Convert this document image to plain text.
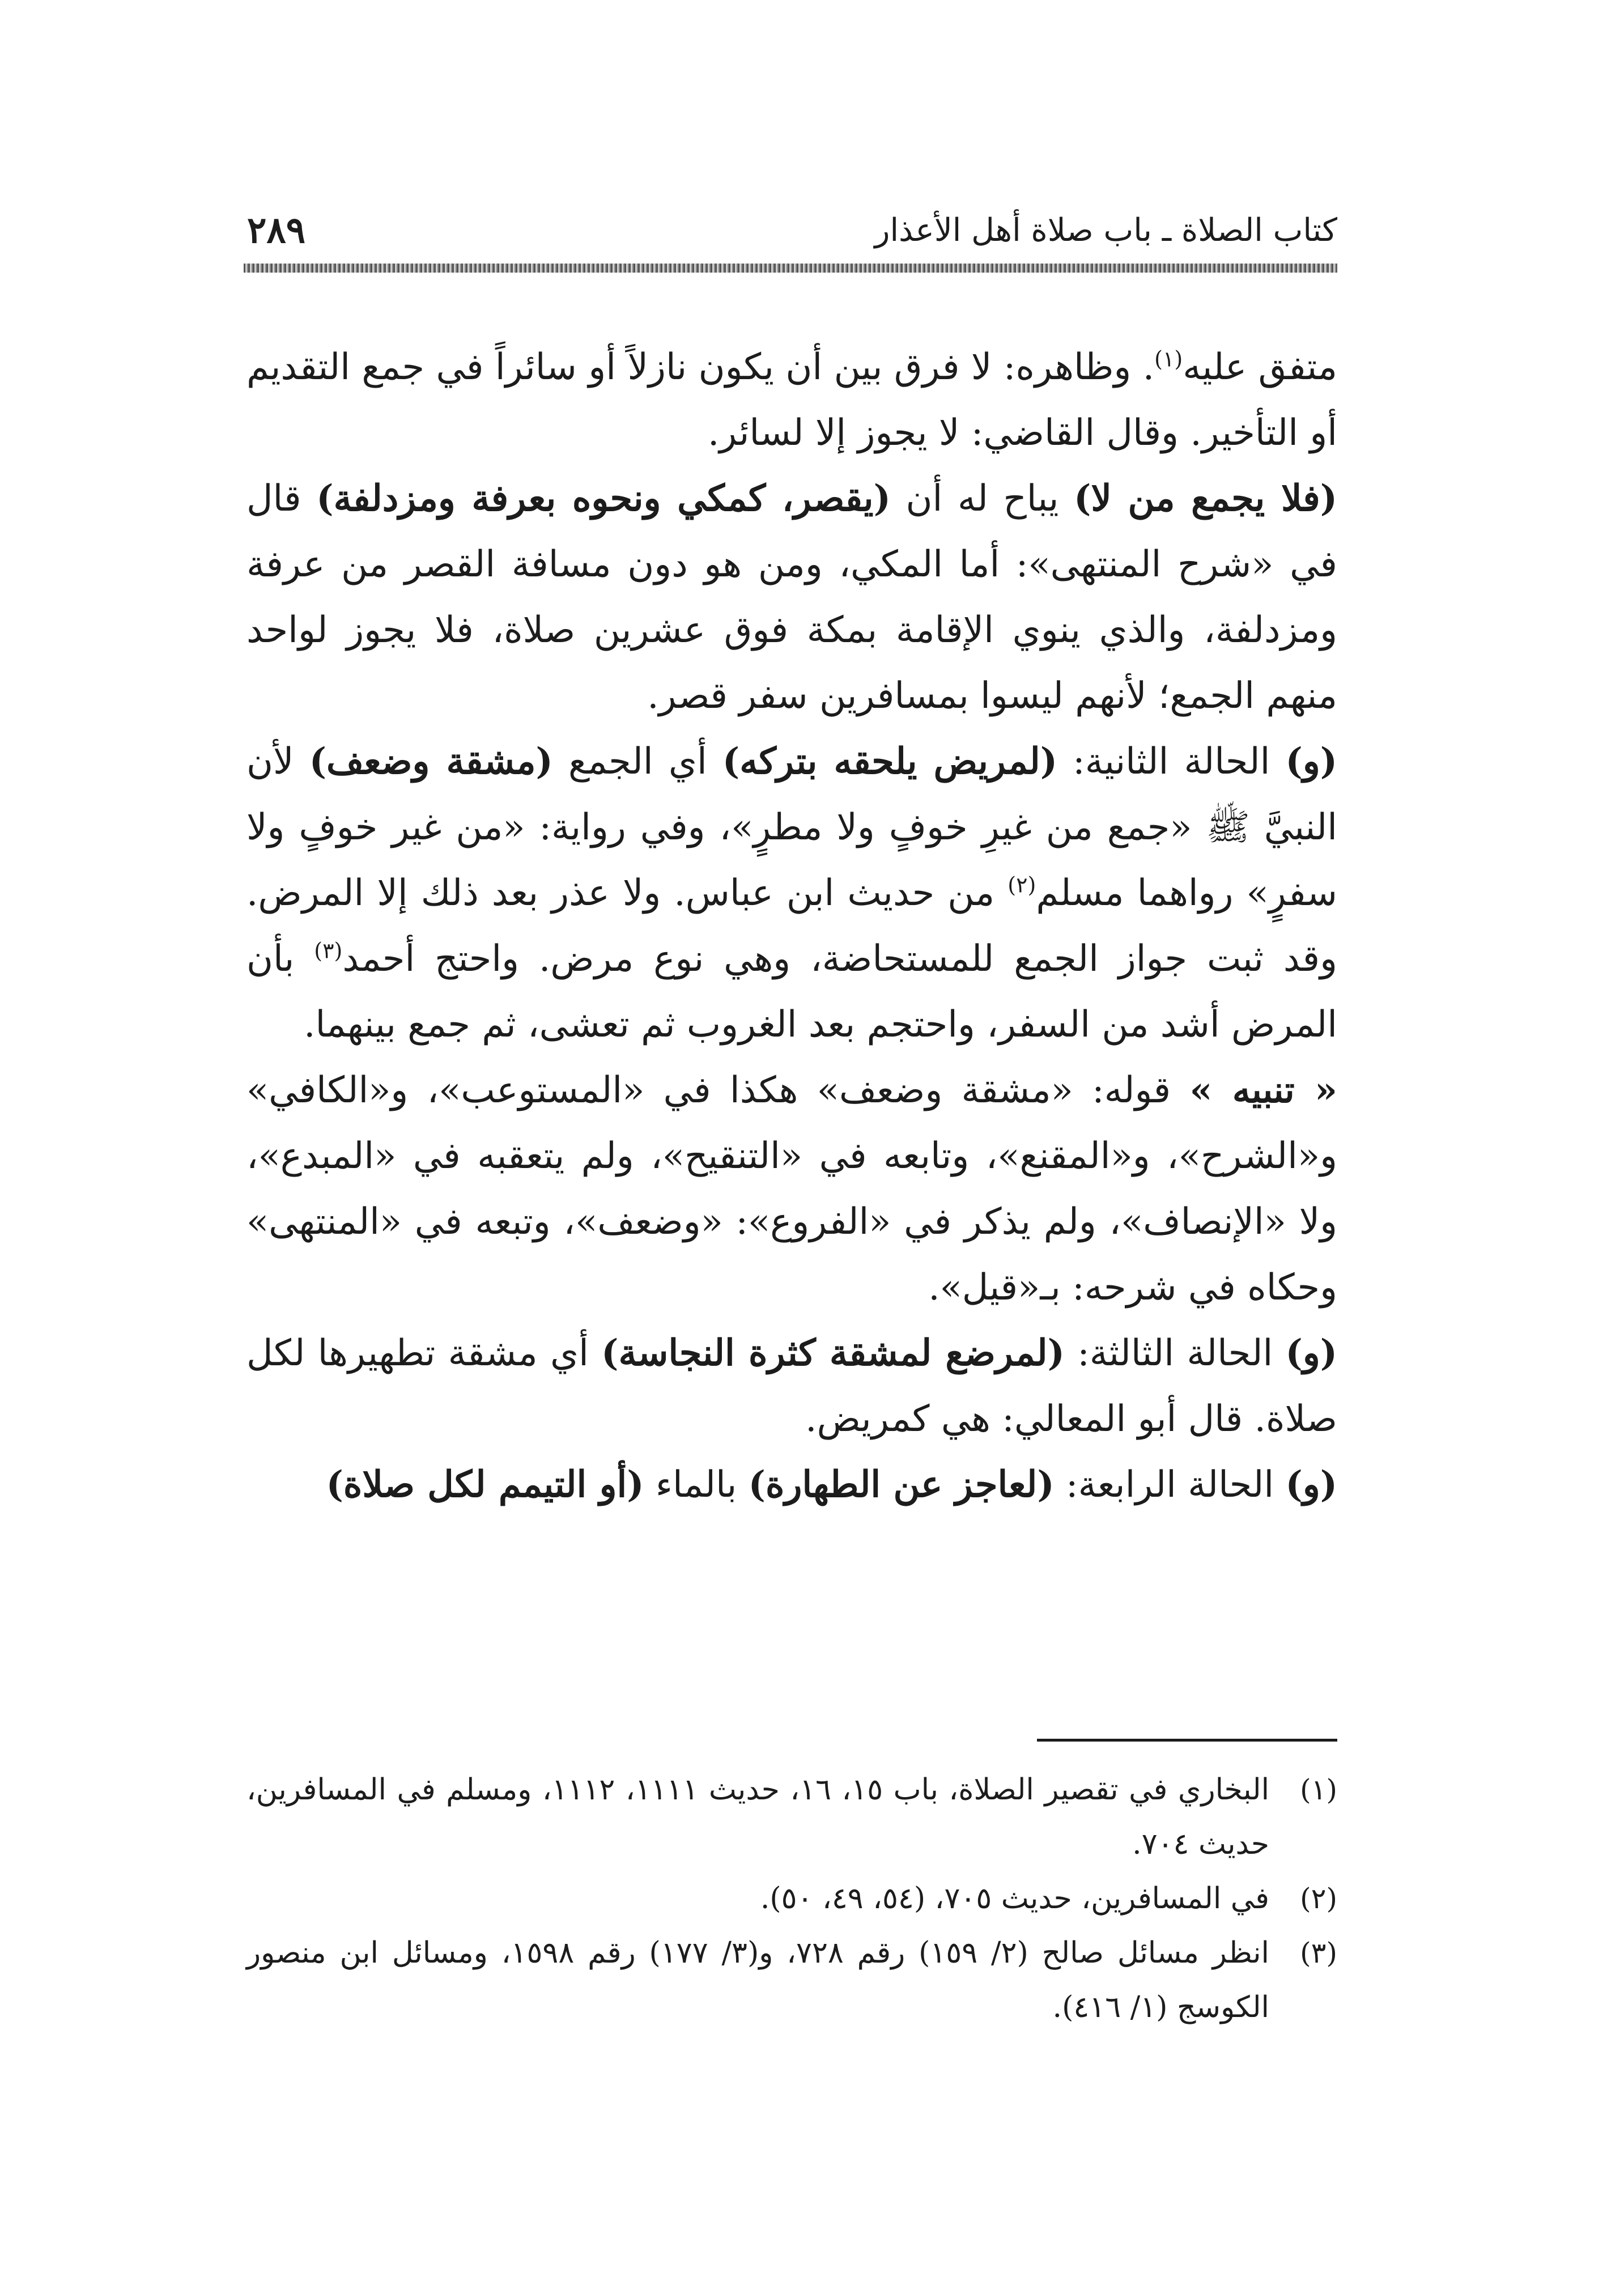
كتاب الصلاة ـ باب صلاة أهل الأعذار
٢٨٩

متفق عليه$^{(١)}$. وظاهره: لا فرق بين أن يكون نازلاً أو سائراً في جمع التقديم أو التأخير. وقال القاضي: لا يجوز إلا لسائر.

(فلا يجمع من لا) يباح له أن (يقصر، كمكي ونحوه بعرفة ومزدلفة) قال في «شرح المنتهى»: أما المكي، ومن هو دون مسافة القصر من عرفة ومزدلفة، والذي ينوي الإقامة بمكة فوق عشرين صلاة، فلا يجوز لواحد منهم الجمع؛ لأنهم ليسوا بمسافرين سفر قصر.

(و) الحالة الثانية: (لمريض يلحقه بتركه) أي الجمع (مشقة وضعف) لأن النبيَّ ﷺ «جمع من غيرِ خوفٍ ولا مطرٍ»، وفي رواية: «من غير خوفٍ ولا سفرٍ» رواهما مسلم$^{(٢)}$ من حديث ابن عباس. ولا عذر بعد ذلك إلا المرض. وقد ثبت جواز الجمع للمستحاضة، وهي نوع مرض. واحتج أحمد$^{(٣)}$ بأن المرض أشد من السفر، واحتجم بعد الغروب ثم تعشى، ثم جمع بينهما.

« تنبيه » قوله: «مشقة وضعف» هكذا في «المستوعب»، و«الكافي» و«الشرح»، و«المقنع»، وتابعه في «التنقيح»، ولم يتعقبه في «المبدع»، ولا «الإنصاف»، ولم يذكر في «الفروع»: «وضعف»، وتبعه في «المنتهى» وحكاه في شرحه: بـ«قيل».

(و) الحالة الثالثة: (لمرضع لمشقة كثرة النجاسة) أي مشقة تطهيرها لكل صلاة. قال أبو المعالي: هي كمريض.

(و) الحالة الرابعة: (لعاجز عن الطهارة) بالماء (أو التيمم لكل صلاة)

(١)
البخاري في تقصير الصلاة، باب ١٥، ١٦، حديث ١١١١، ١١١٢، ومسلم في المسافرين، حديث ٧٠٤.
(٢)
في المسافرين، حديث ٧٠٥، (٥٤، ٤٩، ٥٠).
(٣)
انظر مسائل صالح (٢/ ١٥٩) رقم ٧٢٨، و(٣/ ١٧٧) رقم ١٥٩٨، ومسائل ابن منصور الكوسج (١/ ٤١٦).
